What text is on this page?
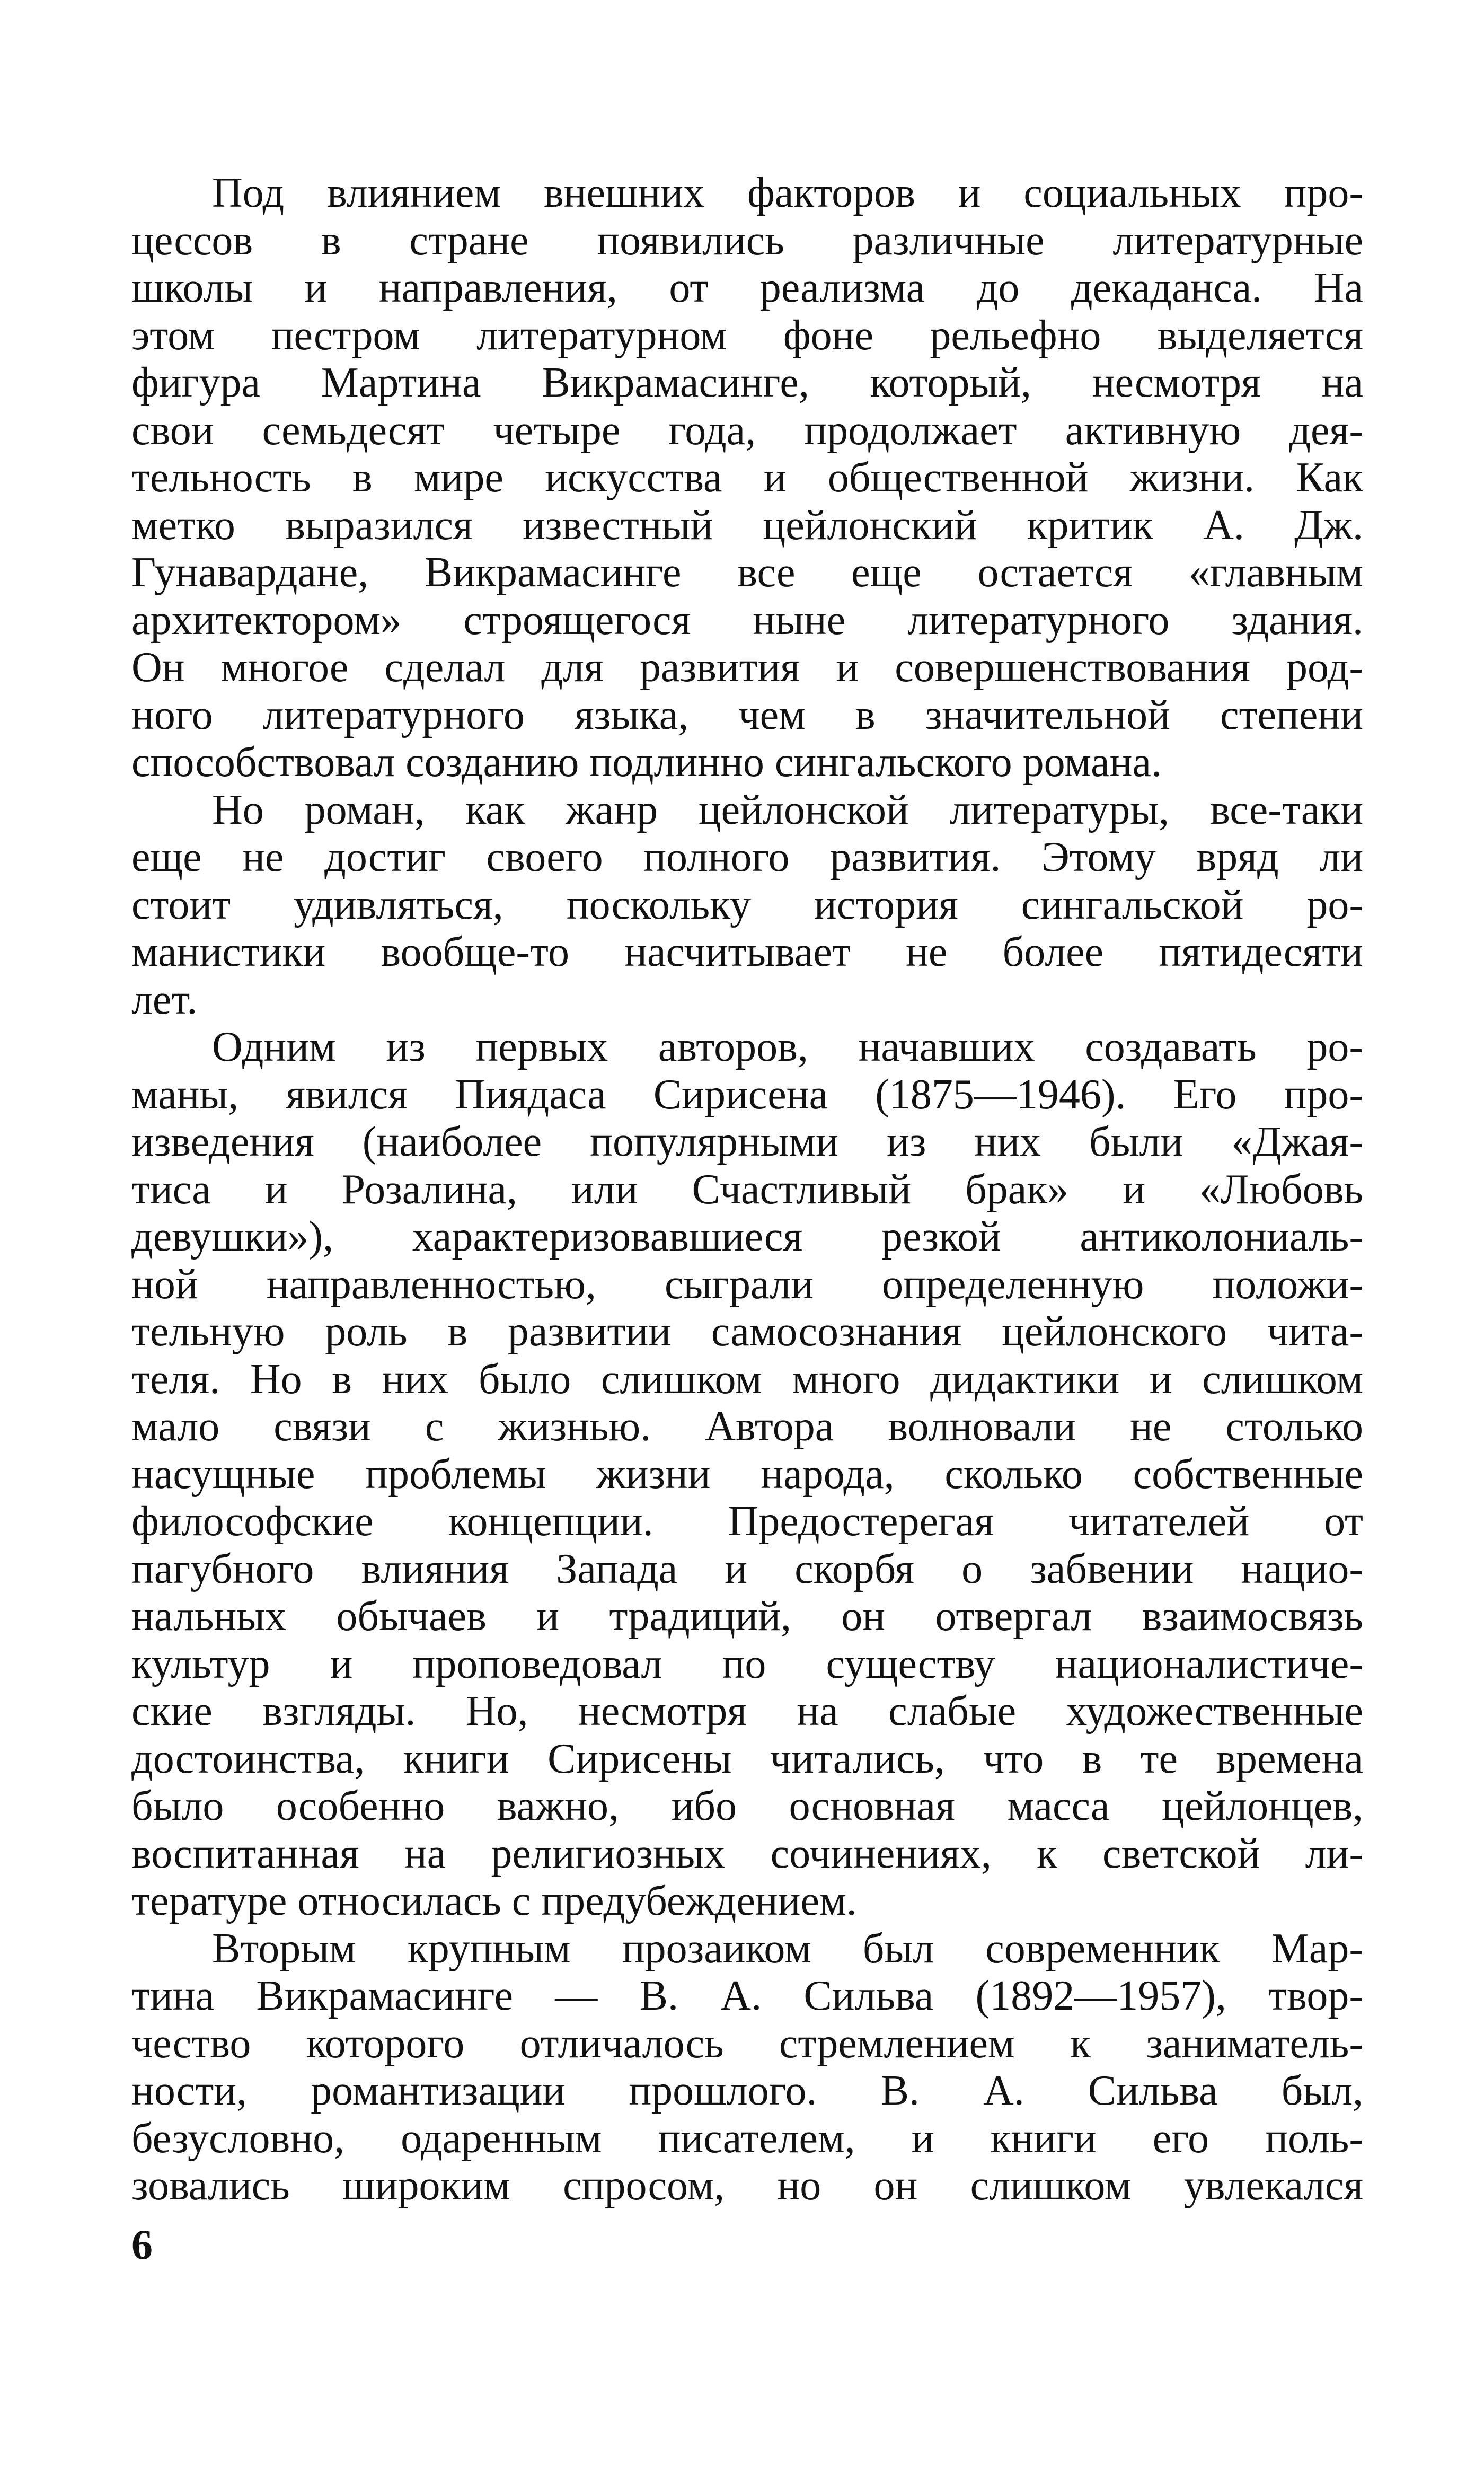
Под влиянием внешних факторов и социальных про-
цессов в стране появились различные литературные
школы и направления, от реализма до декаданса. На
этом пестром литературном фоне рельефно выделяется
фигура Мартина Викрамасинге, который, несмотря на
свои семьдесят четыре года, продолжает активную дея-
тельность в мире искусства и общественной жизни. Как
метко выразился известный цейлонский критик А. Дж.
Гунавардане, Викрамасинге все еще остается «главным
архитектором» строящегося ныне литературного здания.
Он многое сделал для развития и совершенствования род-
ного литературного языка, чем в значительной степени
способствовал созданию подлинно сингальского романа.
Но роман, как жанр цейлонской литературы, все-таки
еще не достиг своего полного развития. Этому вряд ли
стоит удивляться, поскольку история сингальской ро-
манистики вообще-то насчитывает не более пятидесяти
лет.
Одним из первых авторов, начавших создавать ро-
маны, явился Пиядаса Сирисена (1875—1946). Его про-
изведения (наиболее популярными из них были «Джая-
тиса и Розалина, или Счастливый брак» и «Любовь
девушки»), характеризовавшиеся резкой антиколониаль-
ной направленностью, сыграли определенную положи-
тельную роль в развитии самосознания цейлонского чита-
теля. Но в них было слишком много дидактики и слишком
мало связи с жизнью. Автора волновали не столько
насущные проблемы жизни народа, сколько собственные
философские концепции. Предостерегая читателей от
пагубного влияния Запада и скорбя о забвении нацио-
нальных обычаев и традиций, он отвергал взаимосвязь
культур и проповедовал по существу националистиче-
ские взгляды. Но, несмотря на слабые художественные
достоинства, книги Сирисены читались, что в те времена
было особенно важно, ибо основная масса цейлонцев,
воспитанная на религиозных сочинениях, к светской ли-
тературе относилась с предубеждением.
Вторым крупным прозаиком был современник Мар-
тина Викрамасинге — В. А. Сильва (1892—1957), твор-
чество которого отличалось стремлением к заниматель-
ности, романтизации прошлого. В. А. Сильва был,
безусловно, одаренным писателем, и книги его поль-
зовались широким спросом, но он слишком увлекался
6
